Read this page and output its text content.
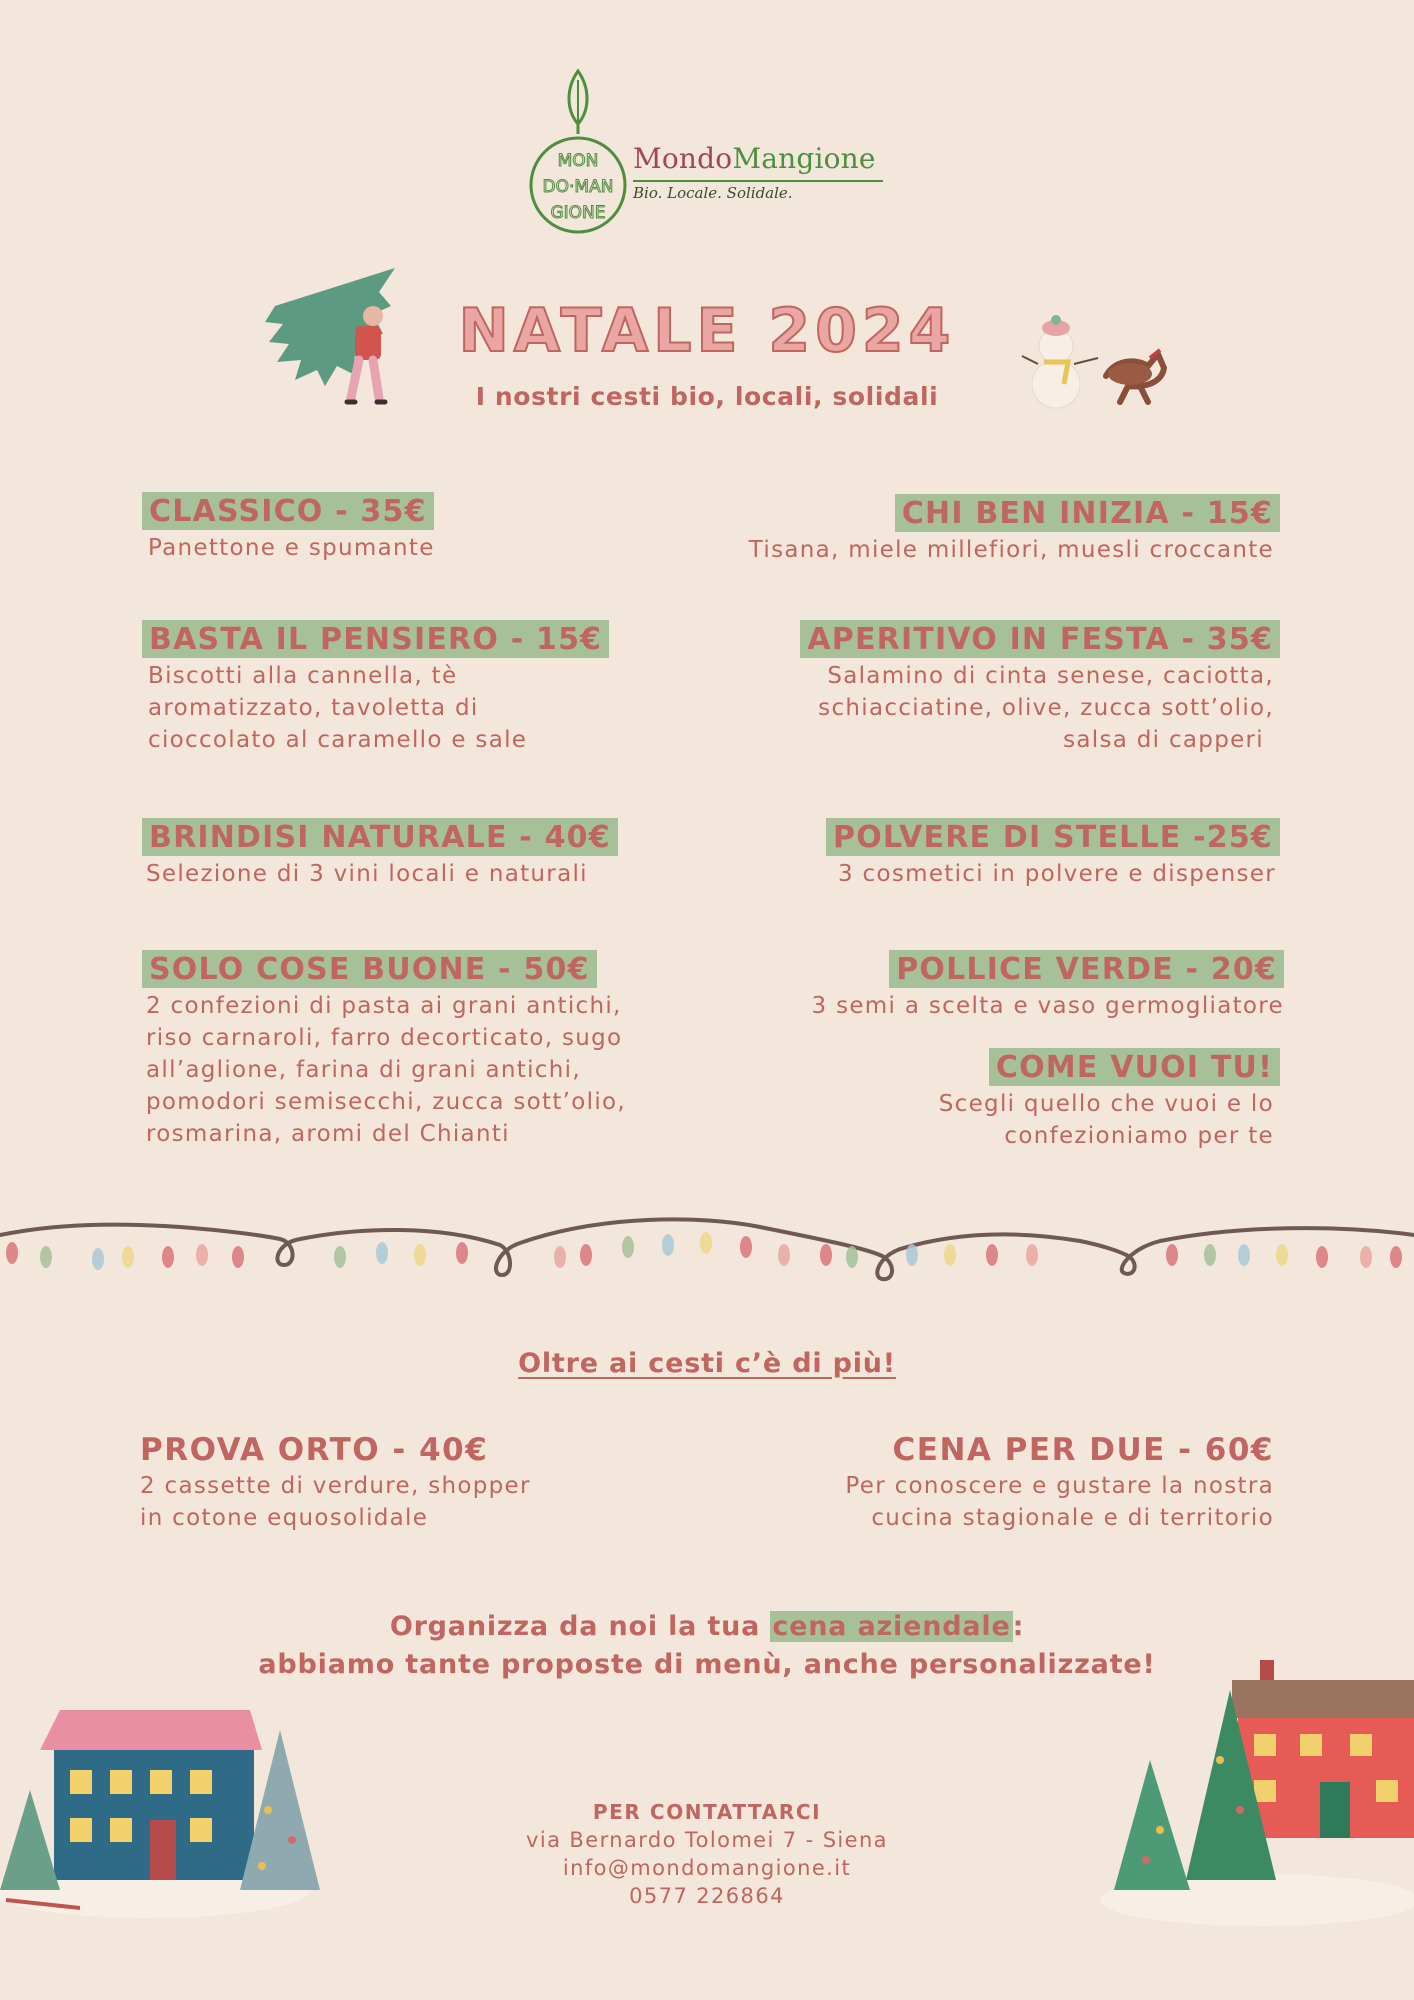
MON
DO·MAN
GIONE
MondoMangione
Bio. Locale. Solidale.
NATALE 2024
I nostri cesti bio, locali, solidali
CLASSICO - 35€
Panettone e spumante
BASTA IL PENSIERO - 15€
Biscotti alla cannella, tè
aromatizzato, tavoletta di
cioccolato al caramello e sale
BRINDISI NATURALE - 40€
Selezione di 3 vini locali e naturali
SOLO COSE BUONE - 50€
2 confezioni di pasta ai grani antichi,
riso carnaroli, farro decorticato, sugo
all’aglione, farina di grani antichi,
pomodori semisecchi, zucca sott’olio,
rosmarina, aromi del Chianti
CHI BEN INIZIA - 15€
Tisana, miele millefiori, muesli croccante
APERITIVO IN FESTA - 35€
Salamino di cinta senese, caciotta,
schiacciatine, olive, zucca sott’olio,
salsa di capperi
POLVERE DI STELLE -25€
3 cosmetici in polvere e dispenser
POLLICE VERDE - 20€
3 semi a scelta e vaso germogliatore
COME VUOI TU!
Scegli quello che vuoi e lo
confezioniamo per te
Oltre ai cesti c’è di più!
PROVA ORTO - 40€
2 cassette di verdure, shopper
in cotone equosolidale
CENA PER DUE - 60€
Per conoscere e gustare la nostra
cucina stagionale e di territorio
Organizza da noi la tua cena aziendale:
abbiamo tante proposte di menù, anche personalizzate!
PER CONTATTARCI
via Bernardo Tolomei 7 - Siena
info@mondomangione.it
0577 226864
